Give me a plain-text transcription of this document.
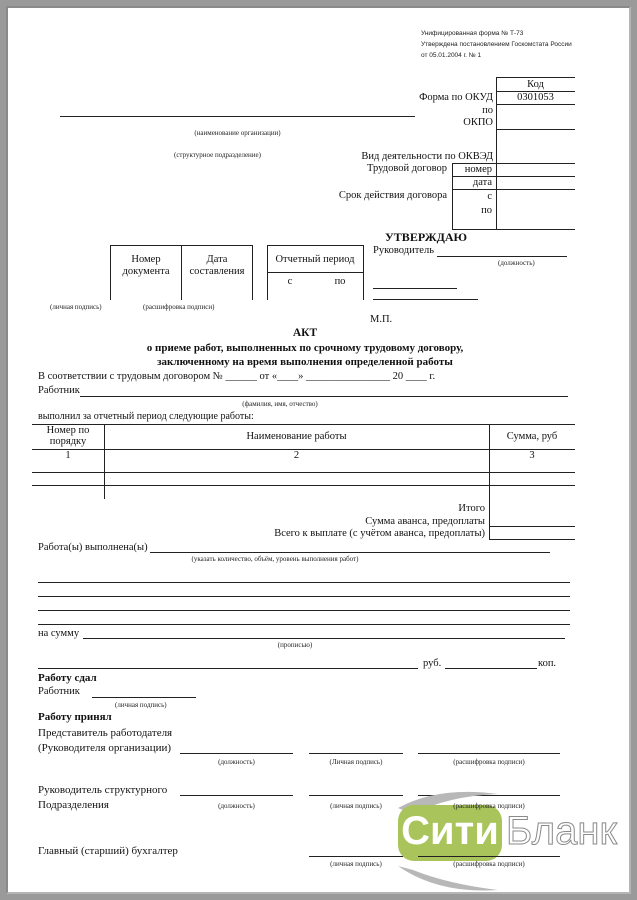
Унифицированная форма № Т-73
Утверждена постановлением Госкомстата России
от 05.01.2004 г. № 1
Код
Форма по ОКУД	0301053
по
ОКПО
Вид деятельности по ОКВЭД
Трудовой договор	номер
дата
Срок действия договора	с
по
(наименование организации)
(структурное подразделение)
Номер документа
Дата составления
Отчетный период
с	по
(личная подпись)	(расшифровка подписи)
УТВЕРЖДАЮ
Руководитель
(должность)
М.П.
АКТ
о приеме работ, выполненных по срочному трудовому договору,
заключенному на время выполнения определенной работы
В соответствии с трудовым договором № ______ от «____» ________________ 20 ____ г.
Работник
(фамилия, имя, отчество)
выполнил за отчетный период следующие работы:
Номер по порядку	Наименование работы	Сумма, руб
1	2	3
Итого
Сумма аванса, предоплаты
Всего к выплате (с учётом аванса, предоплаты)
Работа(ы) выполнена(ы)
(указать количество, объём, уровень выполнения работ)
на сумму
(прописью)
руб.	коп.
Работу сдал
Работник
(личная подпись)
Работу принял
Представитель работодателя
(Руководителя организации)
(должность)	(Личная подпись)	(расшифровка подписи)
Руководитель структурного
Подразделения	(должность)	(личная подпись)
Сити Бланк
(расшифровка подписи)
Главный (старший) бухгалтер
(личная подпись)	(расшифровка подписи)
